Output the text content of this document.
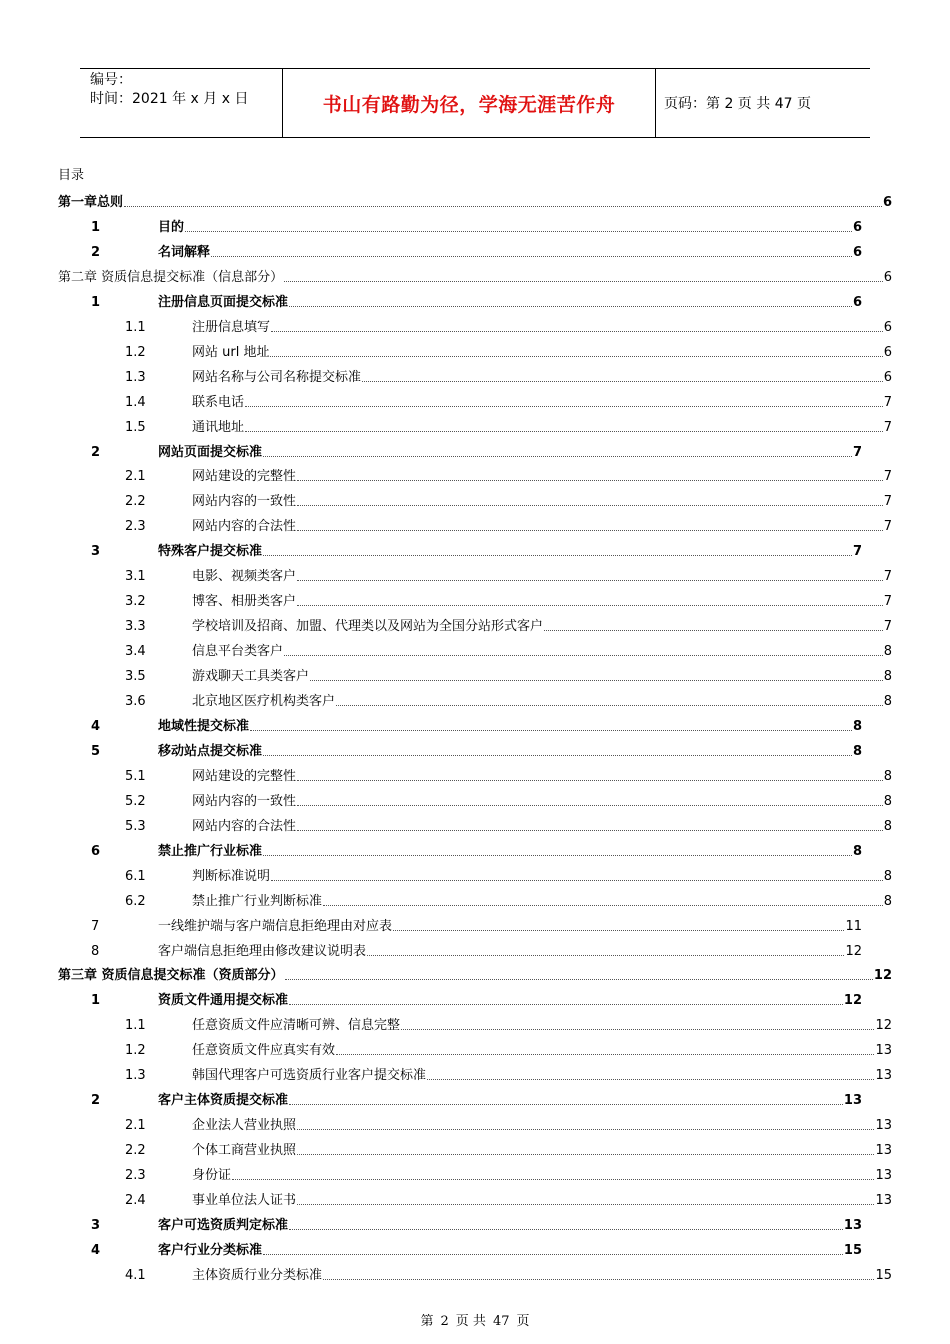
编号：
时间：2021 年 x 月 x 日	书山有路勤为径，学海无涯苦作舟	页码：第 2 页 共 47 页
目录
第一章总则	6
1	目的	6
2	名词解释	6
第二章 资质信息提交标准（信息部分）	6
1	注册信息页面提交标准	6
1.1	注册信息填写	6
1.2	网站 url 地址	6
1.3	网站名称与公司名称提交标准	6
1.4	联系电话	7
1.5	通讯地址	7
2	网站页面提交标准	7
2.1	网站建设的完整性	7
2.2	网站内容的一致性	7
2.3	网站内容的合法性	7
3	特殊客户提交标准	7
3.1	电影、视频类客户	7
3.2	博客、相册类客户	7
3.3	学校培训及招商、加盟、代理类以及网站为全国分站形式客户	7
3.4	信息平台类客户	8
3.5	游戏聊天工具类客户	8
3.6	北京地区医疗机构类客户	8
4	地域性提交标准	8
5	移动站点提交标准	8
5.1	网站建设的完整性	8
5.2	网站内容的一致性	8
5.3	网站内容的合法性	8
6	禁止推广行业标准	8
6.1	判断标准说明	8
6.2	禁止推广行业判断标准	8
7	一线维护端与客户端信息拒绝理由对应表	11
8	客户端信息拒绝理由修改建议说明表	12
第三章 资质信息提交标准（资质部分）	12
1	资质文件通用提交标准	12
1.1	任意资质文件应清晰可辨、信息完整	12
1.2	任意资质文件应真实有效	13
1.3	韩国代理客户可选资质行业客户提交标准	13
2	客户主体资质提交标准	13
2.1	企业法人营业执照	13
2.2	个体工商营业执照	13
2.3	身份证	13
2.4	事业单位法人证书	13
3	客户可选资质判定标准	13
4	客户行业分类标准	15
4.1	主体资质行业分类标准	15
第 2 页 共 47 页
